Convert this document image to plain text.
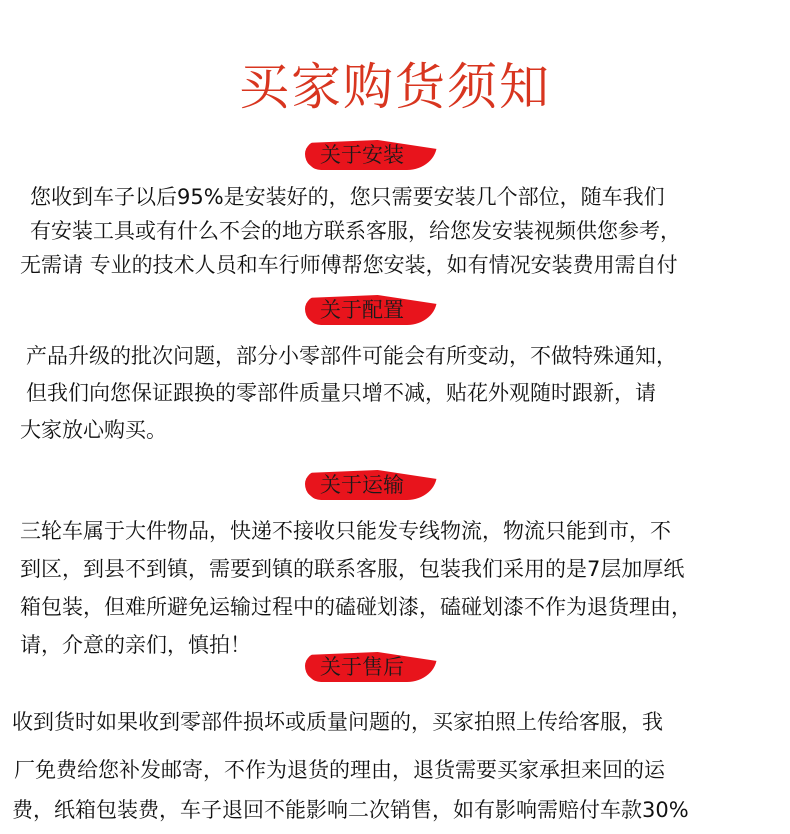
买家购货须知
关于安装
您收到车子以后95%是安装好的，您只需要安装几个部位，随车我们
有安装工具或有什么不会的地方联系客服，给您发安装视频供您参考，
无需请 专业的技术人员和车行师傅帮您安装，如有情况安装费用需自付
关于配置
产品升级的批次问题，部分小零部件可能会有所变动，不做特殊通知，
但我们向您保证跟换的零部件质量只增不减，贴花外观随时跟新，请
大家放心购买。
关于运输
三轮车属于大件物品，快递不接收只能发专线物流，物流只能到市，不
到区，到县不到镇，需要到镇的联系客服，包装我们采用的是7层加厚纸
箱包装，但难所避免运输过程中的磕碰划漆，磕碰划漆不作为退货理由，
请，介意的亲们，慎拍！
关于售后
收到货时如果收到零部件损坏或质量问题的，买家拍照上传给客服，我
厂免费给您补发邮寄，不作为退货的理由，退货需要买家承担来回的运
费，纸箱包装费，车子退回不能影响二次销售，如有影响需赔付车款30%
